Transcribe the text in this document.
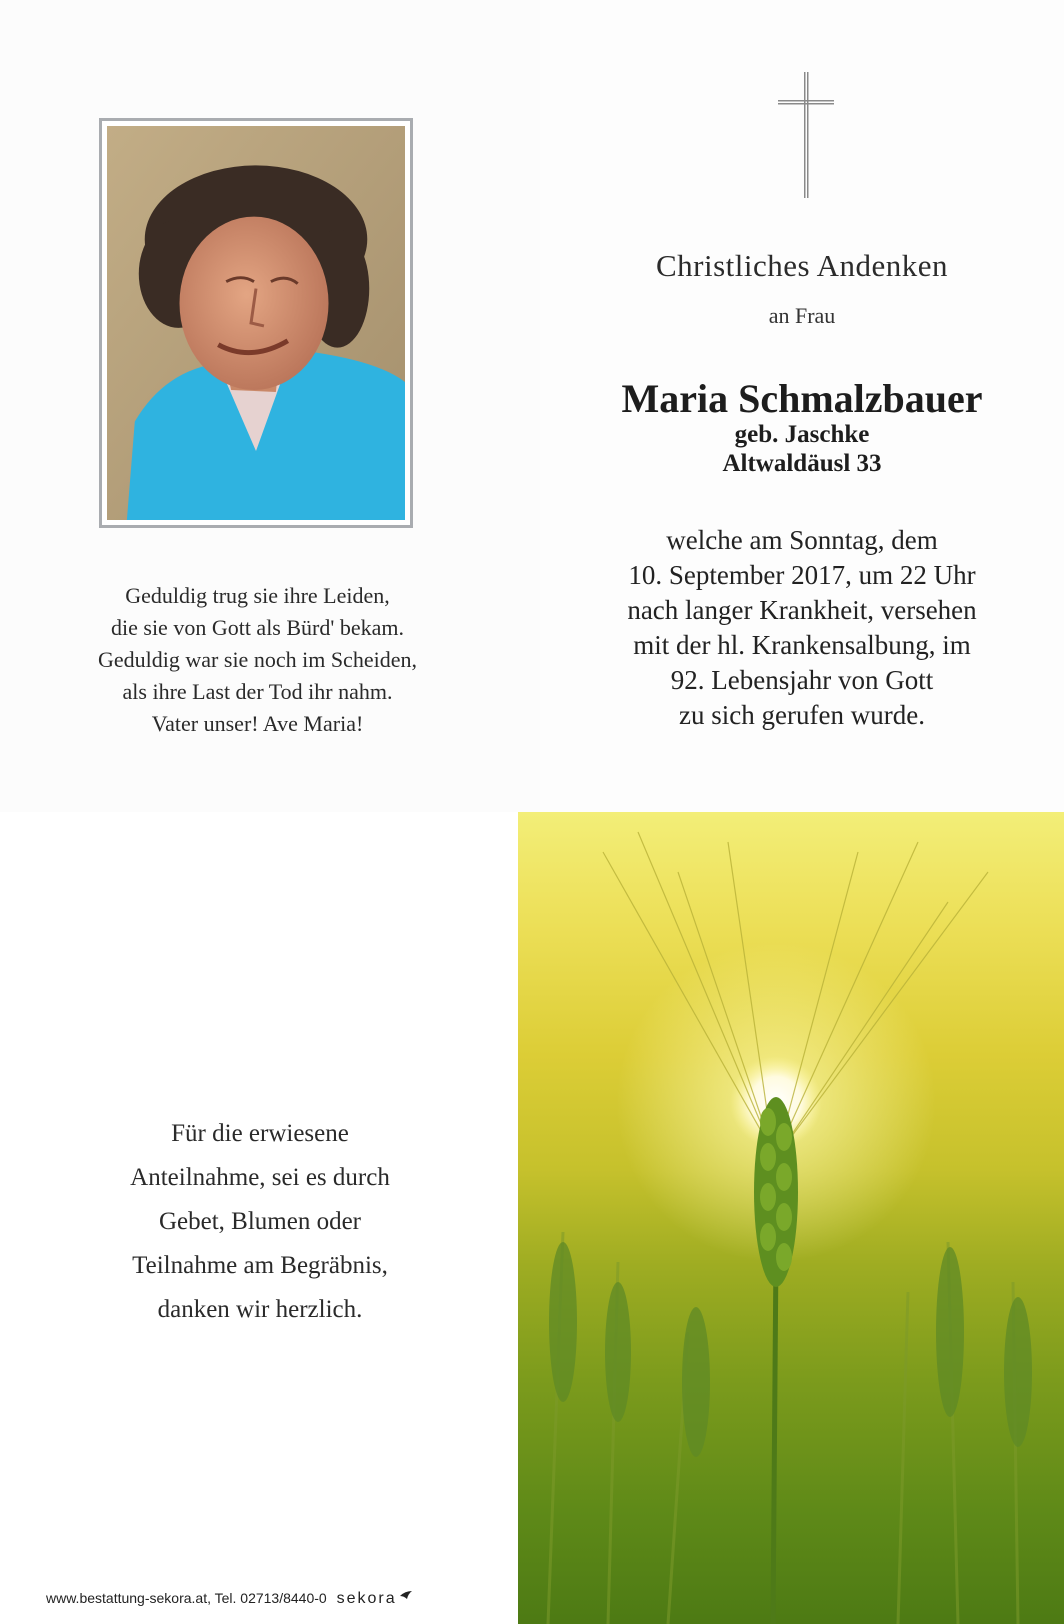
Geduldig trug sie ihre Leiden,
die sie von Gott als Bürd' bekam.
Geduldig war sie noch im Scheiden,
als ihre Last der Tod ihr nahm.
Vater unser! Ave Maria!
Christliches Andenken
an Frau
Maria Schmalzbauer
geb. Jaschke
Altwaldäusl 33
welche am Sonntag, dem
10. September 2017, um 22 Uhr
nach langer Krankheit, versehen
mit der hl. Krankensalbung, im
92. Lebensjahr von Gott
zu sich gerufen wurde.
Für die erwiesene
Anteilnahme, sei es durch
Gebet, Blumen oder
Teilnahme am Begräbnis,
danken wir herzlich.
www.bestattung-sekora.at, Tel. 02713/8440-0 sekora
